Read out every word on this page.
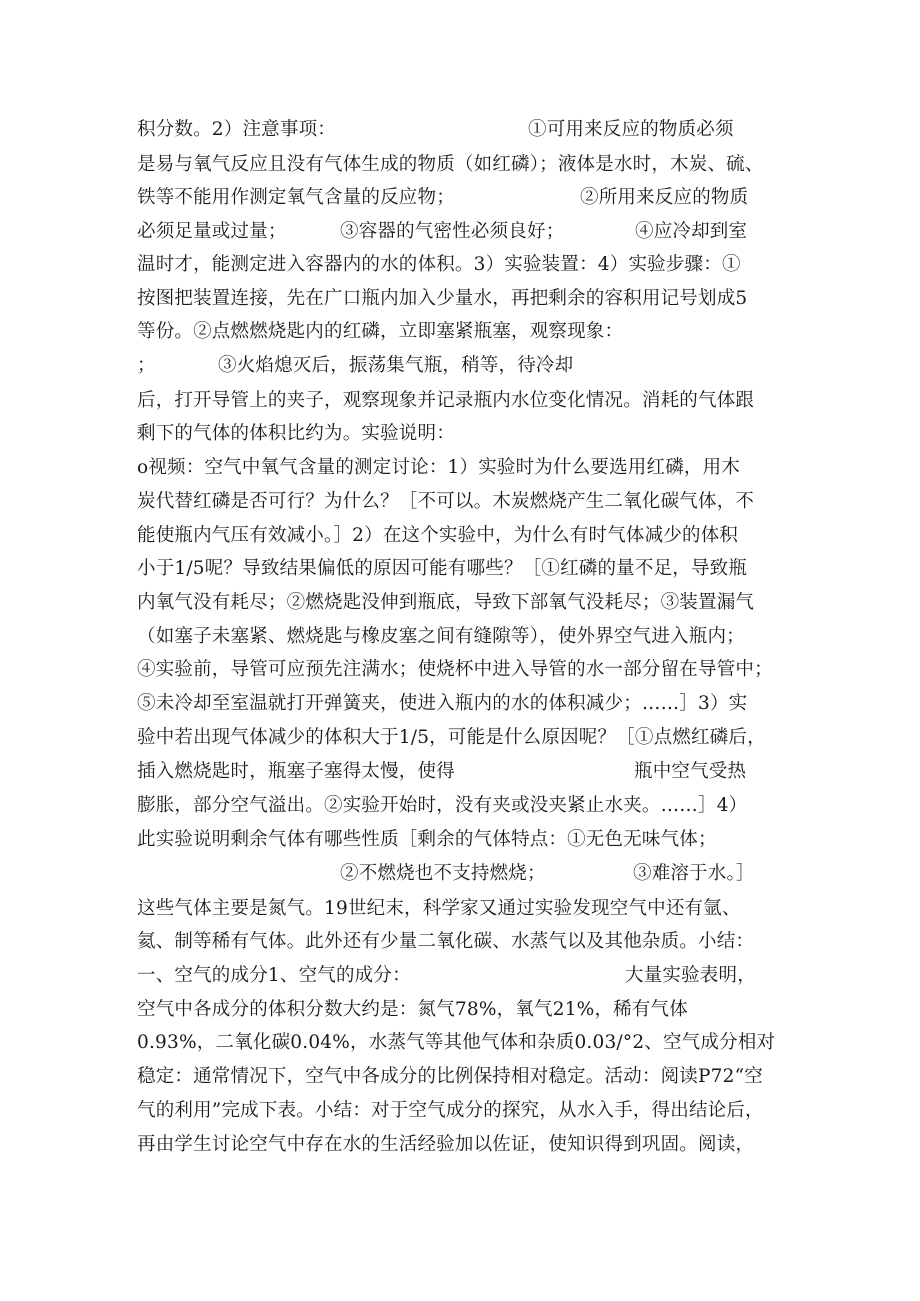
积分数。2）注意事项：	①可用来反应的物质必须
是易与氧气反应且没有气体生成的物质（如红磷）；液体是水时，木炭、硫、
铁等不能用作测定氧气含量的反应物；	②所用来反应的物质
必须足量或过量；	③容器的气密性必须良好；	④应冷却到室
温时才，能测定进入容器内的水的体积。3）实验装置：4）实验步骤：①
按图把装置连接，先在广口瓶内加入少量水，再把剩余的容积用记号划成5
等份。②点燃燃烧匙内的红磷，立即塞紧瓶塞，观察现象：
；	③火焰熄灭后，振荡集气瓶，稍等，待冷却
后，打开导管上的夹子，观察现象并记录瓶内水位变化情况。消耗的气体跟
剩下的气体的体积比约为。实验说明：
o视频：空气中氧气含量的测定讨论：1）实验时为什么要选用红磷，用木
炭代替红磷是否可行？为什么？［不可以。木炭燃烧产生二氧化碳气体，不
能使瓶内气压有效减小。］2）在这个实验中，为什么有时气体减少的体积
小于1/5呢？导致结果偏低的原因可能有哪些？［①红磷的量不足，导致瓶
内氧气没有耗尽；②燃烧匙没伸到瓶底，导致下部氧气没耗尽；③装置漏气
（如塞子未塞紧、燃烧匙与橡皮塞之间有缝隙等），使外界空气进入瓶内；
④实验前，导管可应预先注满水；使烧杯中进入导管的水一部分留在导管中；
⑤未冷却至室温就打开弹簧夹，使进入瓶内的水的体积减少；……］3）实
验中若出现气体减少的体积大于1/5，可能是什么原因呢？［①点燃红磷后，
插入燃烧匙时，瓶塞子塞得太慢，使得	瓶中空气受热
膨胀，部分空气溢出。②实验开始时，没有夹或没夹紧止水夹。……］4）
此实验说明剩余气体有哪些性质［剩余的气体特点：①无色无味气体；
②不燃烧也不支持燃烧；	③难溶于水。］
这些气体主要是氮气。19世纪末，科学家又通过实验发现空气中还有氩、
氦、制等稀有气体。此外还有少量二氧化碳、水蒸气以及其他杂质。小结：
一、空气的成分1、空气的成分：	大量实验表明，
空气中各成分的体积分数大约是：氮气78%，氧气21%，稀有气体
0.93%，二氧化碳0.04%，水蒸气等其他气体和杂质0.03/°2、空气成分相对
稳定：通常情况下，空气中各成分的比例保持相对稳定。活动：阅读P72“空
气的利用”完成下表。小结：对于空气成分的探究，从水入手，得出结论后，
再由学生讨论空气中存在水的生活经验加以佐证，使知识得到巩固。阅读，
